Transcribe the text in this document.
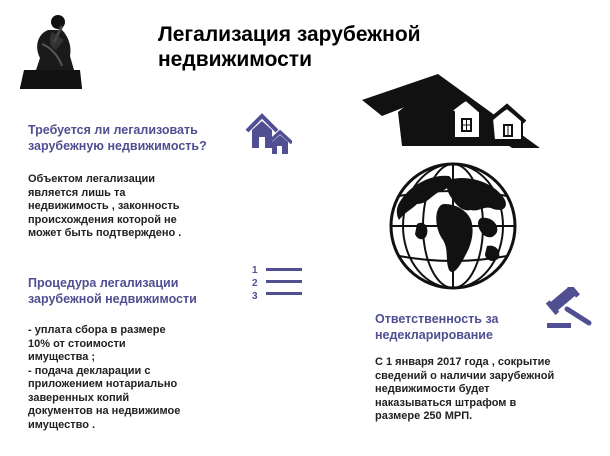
Легализация зарубежной
недвижимости
Требуется ли легализовать
зарубежную недвижимость?
Объектом легализации
является лишь та
недвижимость , законность
происхождения которой не
может быть подтверждено .
Процедура легализации
зарубежной недвижимости
1
2
3
- уплата сбора в размере
10% от стоимости
имущества ;
- подача декларации с
приложением нотариально
заверенных копий
документов на недвижимое
имущество .
Ответственность за
недекларирование
С 1 января 2017 года , сокрытие
сведений о наличии зарубежной
недвижимости будет
наказываться штрафом в
размере 250 МРП.
